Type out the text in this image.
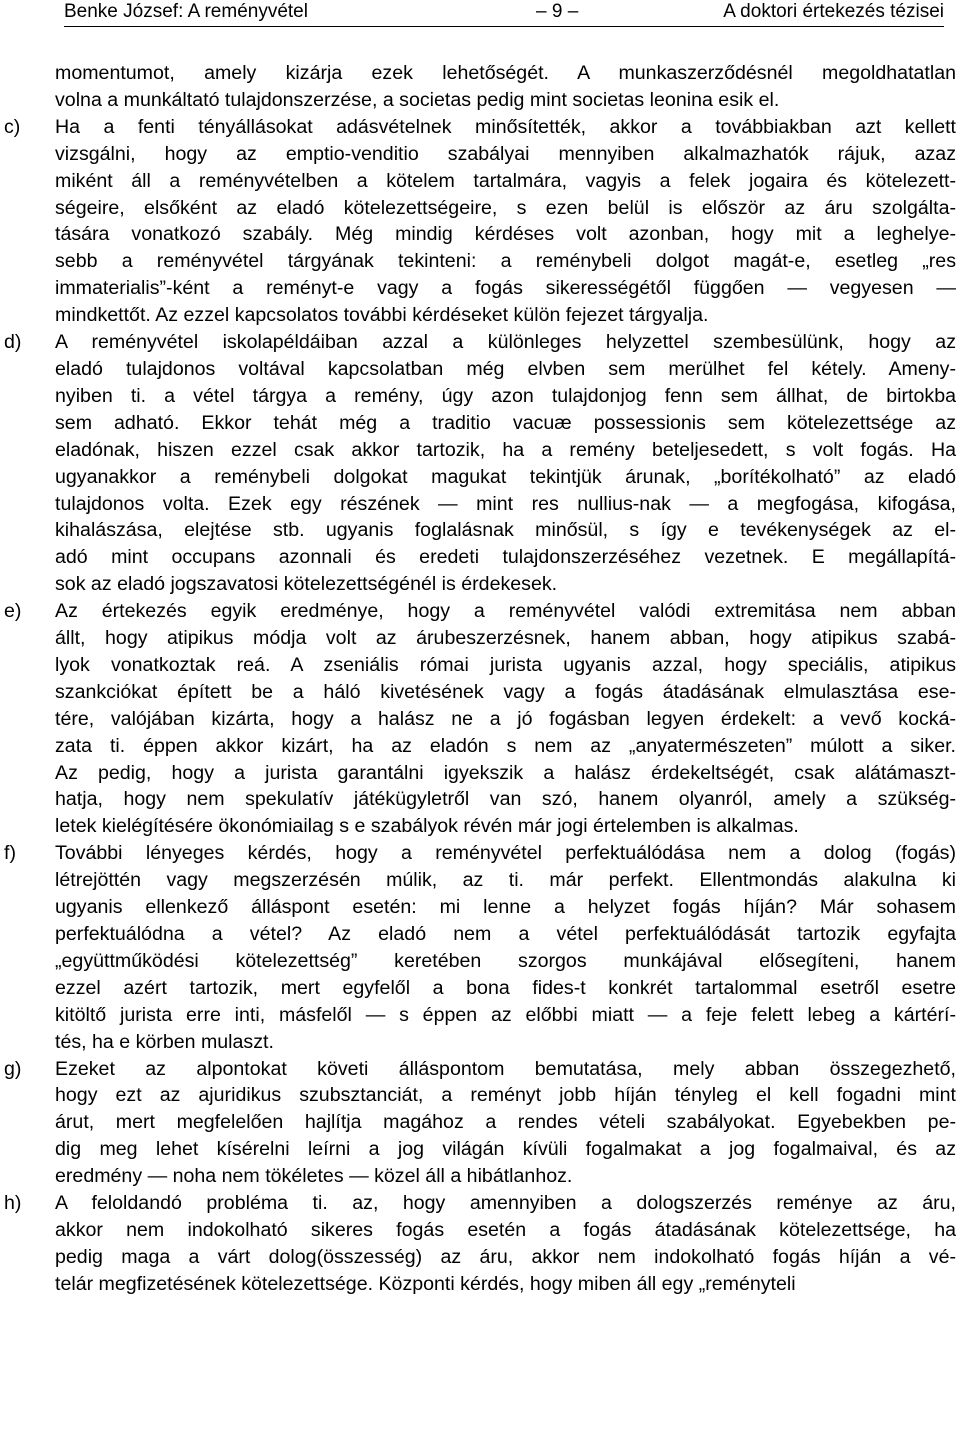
Benke József: A reményvétel	– 9 –	A doktori értekezés tézisei
momentumot, amely kizárja ezek lehetőségét. A munkaszerződésnél megoldhatatlan
volna a munkáltató tulajdonszerzése, a societas pedig mint societas leonina esik el.
c) Ha a fenti tényállásokat adásvételnek minősítették, akkor a továbbiakban azt kellett
vizsgálni, hogy az emptio-venditio szabályai mennyiben alkalmazhatók rájuk, azaz
miként áll a reményvételben a kötelem tartalmára, vagyis a felek jogaira és kötelezett-
ségeire, elsőként az eladó kötelezettségeire, s ezen belül is először az áru szolgálta-
tására vonatkozó szabály. Még mindig kérdéses volt azonban, hogy mit a leghelye-
sebb a reményvétel tárgyának tekinteni: a reménybeli dolgot magát-e, esetleg „res
immaterialis”-ként a reményt-e vagy a fogás sikerességétől függően — vegyesen —
mindkettőt. Az ezzel kapcsolatos további kérdéseket külön fejezet tárgyalja.
d) A reményvétel iskolapéldáiban azzal a különleges helyzettel szembesülünk, hogy az
eladó tulajdonos voltával kapcsolatban még elvben sem merülhet fel kétely. Ameny-
nyiben ti. a vétel tárgya a remény, úgy azon tulajdonjog fenn sem állhat, de birtokba
sem adható. Ekkor tehát még a traditio vacuæ possessionis sem kötelezettsége az
eladónak, hiszen ezzel csak akkor tartozik, ha a remény beteljesedett, s volt fogás. Ha
ugyanakkor a reménybeli dolgokat magukat tekintjük árunak, „borítékolható” az eladó
tulajdonos volta. Ezek egy részének — mint res nullius-nak — a megfogása, kifogása,
kihalászása, elejtése stb. ugyanis foglalásnak minősül, s így e tevékenységek az el-
adó mint occupans azonnali és eredeti tulajdonszerzéséhez vezetnek. E megállapítá-
sok az eladó jogszavatosi kötelezettségénél is érdekesek.
e) Az értekezés egyik eredménye, hogy a reményvétel valódi extremitása nem abban
állt, hogy atipikus módja volt az árubeszerzésnek, hanem abban, hogy atipikus szabá-
lyok vonatkoztak reá. A zseniális római jurista ugyanis azzal, hogy speciális, atipikus
szankciókat épített be a háló kivetésének vagy a fogás átadásának elmulasztása ese-
tére, valójában kizárta, hogy a halász ne a jó fogásban legyen érdekelt: a vevő kocká-
zata ti. éppen akkor kizárt, ha az eladón s nem az „anyatermészeten” múlott a siker.
Az pedig, hogy a jurista garantálni igyekszik a halász érdekeltségét, csak alátámaszt-
hatja, hogy nem spekulatív játékügyletről van szó, hanem olyanról, amely a szükség-
letek kielégítésére ökonómiailag s e szabályok révén már jogi értelemben is alkalmas.
f) További lényeges kérdés, hogy a reményvétel perfektuálódása nem a dolog (fogás)
létrejöttén vagy megszerzésén múlik, az ti. már perfekt. Ellentmondás alakulna ki
ugyanis ellenkező álláspont esetén: mi lenne a helyzet fogás híján? Már sohasem
perfektuálódna a vétel? Az eladó nem a vétel perfektuálódását tartozik egyfajta
„együttműködési kötelezettség” keretében szorgos munkájával elősegíteni, hanem
ezzel azért tartozik, mert egyfelől a bona fides-t konkrét tartalommal esetről esetre
kitöltő jurista erre inti, másfelől — s éppen az előbbi miatt — a feje felett lebeg a kártérí-
tés, ha e körben mulaszt.
g) Ezeket az alpontokat követi álláspontom bemutatása, mely abban összegezhető,
hogy ezt az ajuridikus szubsztanciát, a reményt jobb híján tényleg el kell fogadni mint
árut, mert megfelelően hajlítja magához a rendes vételi szabályokat. Egyebekben pe-
dig meg lehet kísérelni leírni a jog világán kívüli fogalmakat a jog fogalmaival, és az
eredmény — noha nem tökéletes — közel áll a hibátlanhoz.
h) A feloldandó probléma ti. az, hogy amennyiben a dologszerzés reménye az áru,
akkor nem indokolható sikeres fogás esetén a fogás átadásának kötelezettsége, ha
pedig maga a várt dolog(összesség) az áru, akkor nem indokolható fogás híján a vé-
telár megfizetésének kötelezettsége. Központi kérdés, hogy miben áll egy „reményteli
